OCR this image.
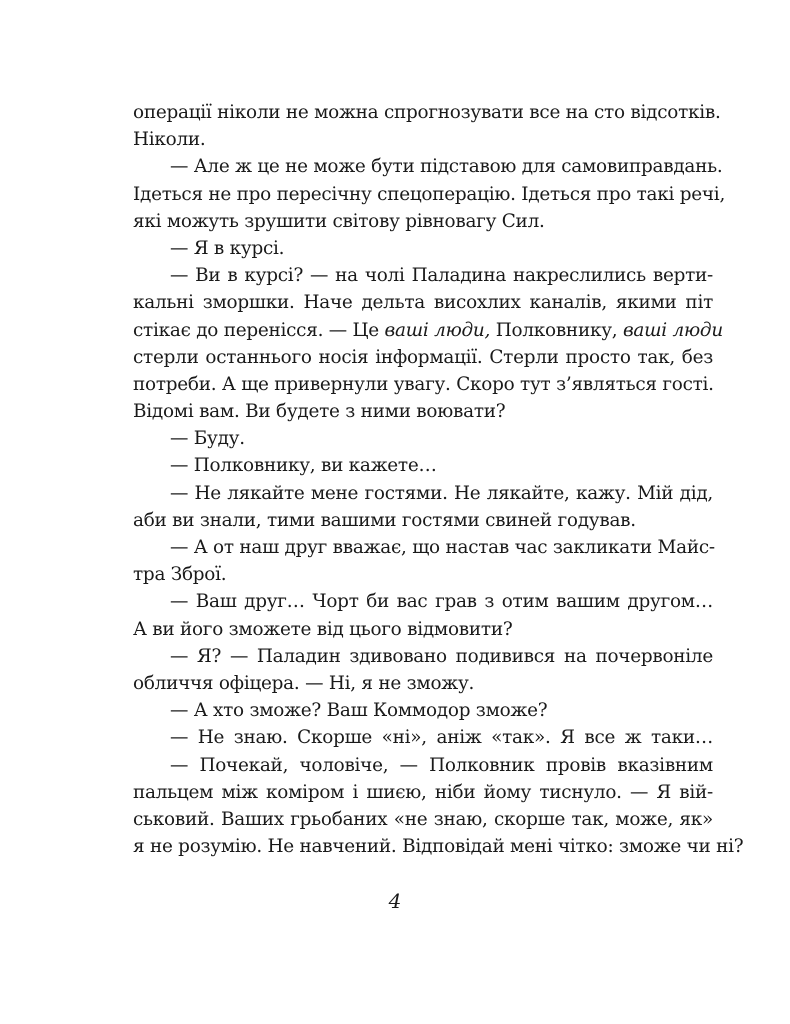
операції ніколи не можна спрогнозувати все на сто відсотків.
Ніколи.
— Але ж це не може бути підставою для самовиправдань.
Ідеться не про пересічну спецоперацію. Ідеться про такі речі,
які можуть зрушити світову рівновагу Сил.
— Я в курсі.
— Ви в курсі? — на чолі Паладина накреслились верти-
кальні зморшки. Наче дельта висохлих каналів, якими піт
стікає до перенісся. — Це ваші люди, Полковнику, ваші люди
стерли останнього носія інформації. Стерли просто так, без
потреби. А ще привернули увагу. Скоро тут з’являться гості.
Відомі вам. Ви будете з ними воювати?
— Буду.
— Полковнику, ви кажете…
— Не лякайте мене гостями. Не лякайте, кажу. Мій дід,
аби ви знали, тими вашими гостями свиней годував.
— А от наш друг вважає, що настав час закликати Майс-
тра Зброї.
— Ваш друг… Чорт би вас грав з отим вашим другом…
А ви його зможете від цього відмовити?
— Я? — Паладин здивовано подивився на почервоніле
обличчя офіцера. — Ні, я не зможу.
— А хто зможе? Ваш Коммодор зможе?
— Не знаю. Скорше «ні», аніж «так». Я все ж таки…
— Почекай, чоловіче, — Полковник провів вказівним
пальцем між коміром і шиєю, ніби йому тиснуло. — Я вій-
ськовий. Ваших грьобаних «не знаю, скорше так, може, як»
я не розумію. Не навчений. Відповідай мені чітко: зможе чи ні?
4
